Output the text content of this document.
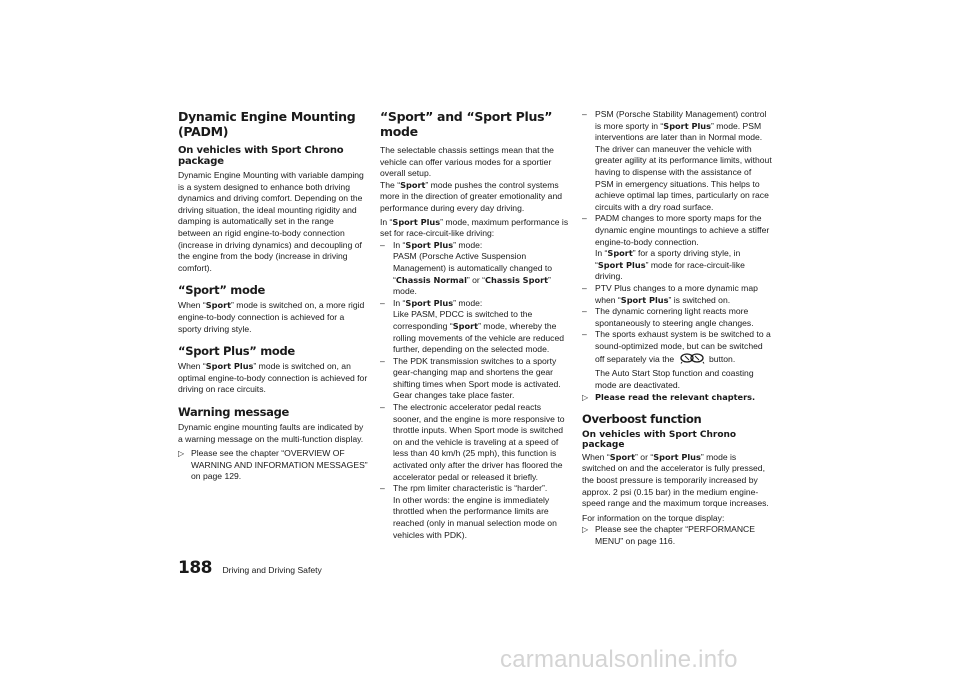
Dynamic Engine Mounting (PADM)
On vehicles with Sport Chrono package
Dynamic Engine Mounting with variable damping is a system designed to enhance both driving dynamics and driving comfort. Depending on the driving situation, the ideal mounting rigidity and damping is automatically set in the range between an rigid engine-to-body connection (increase in driving dynamics) and decoupling of the engine from the body (increase in driving comfort).
“Sport” mode
When “Sport” mode is switched on, a more rigid engine-to-body connection is achieved for a sporty driving style.
“Sport Plus” mode
When “Sport Plus” mode is switched on, an optimal engine-to-body connection is achieved for driving on race circuits.
Warning message
Dynamic engine mounting faults are indicated by a warning message on the multi-function display.
▷ Please see the chapter “OVERVIEW OF WARNING AND INFORMATION MESSAGES” on page 129.
“Sport” and “Sport Plus” mode
The selectable chassis settings mean that the vehicle can offer various modes for a sportier overall setup.
The “Sport” mode pushes the control systems more in the direction of greater emotionality and performance during every day driving.
In “Sport Plus” mode, maximum performance is set for race-circuit-like driving:
– In “Sport Plus” mode:
PASM (Porsche Active Suspension Management) is automatically changed to “Chassis Normal” or “Chassis Sport” mode.
– In “Sport Plus” mode:
Like PASM, PDCC is switched to the corresponding “Sport” mode, whereby the rolling movements of the vehicle are reduced further, depending on the selected mode.
– The PDK transmission switches to a sporty gear-changing map and shortens the gear shifting times when Sport mode is activated. Gear changes take place faster.
– The electronic accelerator pedal reacts sooner, and the engine is more responsive to throttle inputs. When Sport mode is switched on and the vehicle is traveling at a speed of less than 40 km/h (25 mph), this function is activated only after the driver has floored the accelerator pedal or released it briefly.
– The rpm limiter characteristic is “harder”.
In other words: the engine is immediately throttled when the performance limits are reached (only in manual selection mode on vehicles with PDK).
– PSM (Porsche Stability Management) control is more sporty in “Sport Plus” mode. PSM interventions are later than in Normal mode. The driver can maneuver the vehicle with greater agility at its performance limits, without having to dispense with the assistance of PSM in emergency situations. This helps to achieve optimal lap times, particularly on race circuits with a dry road surface.
– PADM changes to more sporty maps for the dynamic engine mountings to achieve a stiffer engine-to-body connection.
In “Sport” for a sporty driving style, in
“Sport Plus” mode for race-circuit-like driving.
– PTV Plus changes to a more dynamic map when “Sport Plus” is switched on.
– The dynamic cornering light reacts more spontaneously to steering angle changes.
– The sports exhaust system is be switched to a sound-optimized mode, but can be switched off separately via the	button.
The Auto Start Stop function and coasting mode are deactivated.
▷ Please read the relevant chapters.
Overboost function
On vehicles with Sport Chrono package
When “Sport” or “Sport Plus” mode is switched on and the accelerator is fully pressed, the boost pressure is temporarily increased by approx. 2 psi (0.15 bar) in the medium engine-speed range and the maximum torque increases.
For information on the torque display:
▷ Please see the chapter “PERFORMANCE MENU” on page 116.
188 Driving and Driving Safety
carmanualsonline.info
